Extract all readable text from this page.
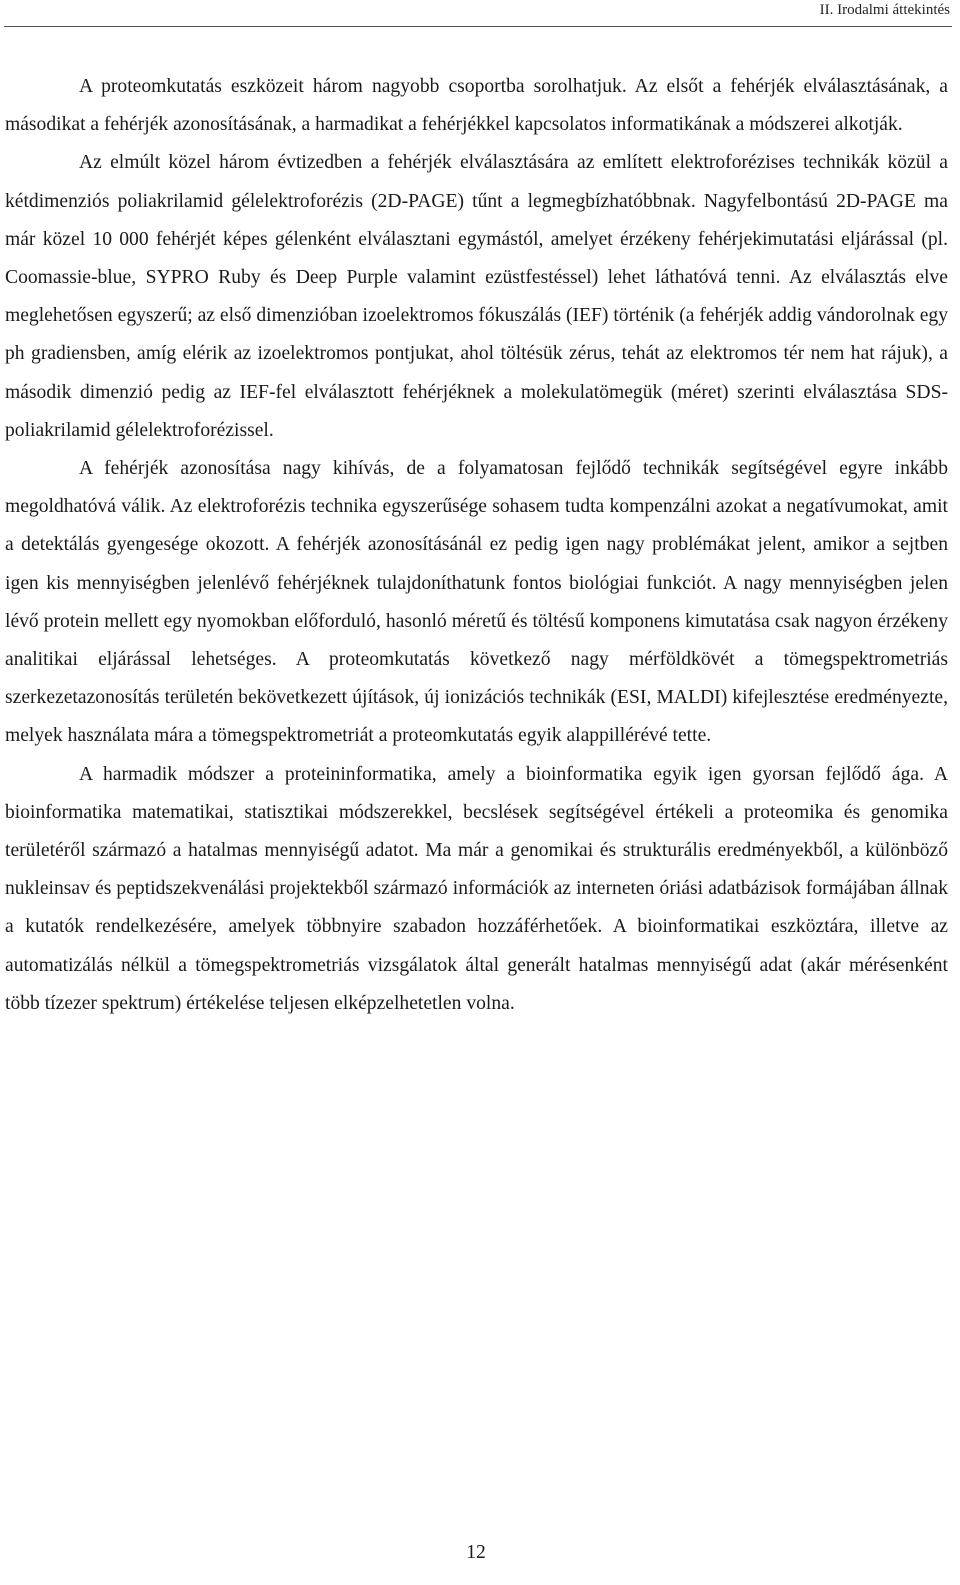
II. Irodalmi áttekintés

A proteomkutatás eszközeit három nagyobb csoportba sorolhatjuk. Az elsőt a fehérjék elválasztásának, a másodikat a fehérjék azonosításának, a harmadikat a fehérjékkel kapcsolatos informatikának a módszerei alkotják.

Az elmúlt közel három évtizedben a fehérjék elválasztására az említett elektroforézises technikák közül a kétdimenziós poliakrilamid gélelektroforézis (2D-PAGE) tűnt a legmegbízhatóbbnak. Nagyfelbontású 2D-PAGE ma már közel 10 000 fehérjét képes gélenként elválasztani egymástól, amelyet érzékeny fehérjekimutatási eljárással (pl. Coomassie-blue, SYPRO Ruby és Deep Purple valamint ezüstfestéssel) lehet láthatóvá tenni. Az elválasztás elve meglehetősen egyszerű; az első dimenzióban izoelektromos fókuszálás (IEF) történik (a fehérjék addig vándorolnak egy ph gradiensben, amíg elérik az izoelektromos pontjukat, ahol töltésük zérus, tehát az elektromos tér nem hat rájuk), a második dimenzió pedig az IEF-fel elválasztott fehérjéknek a molekulatömegük (méret) szerinti elválasztása SDS-poliakrilamid gélelektroforézissel.

A fehérjék azonosítása nagy kihívás, de a folyamatosan fejlődő technikák segítségével egyre inkább megoldhatóvá válik. Az elektroforézis technika egyszerűsége sohasem tudta kompenzálni azokat a negatívumokat, amit a detektálás gyengesége okozott. A fehérjék azonosításánál ez pedig igen nagy problémákat jelent, amikor a sejtben igen kis mennyiségben jelenlévő fehérjéknek tulajdoníthatunk fontos biológiai funkciót. A nagy mennyiségben jelen lévő protein mellett egy nyomokban előforduló, hasonló méretű és töltésű komponens kimutatása csak nagyon érzékeny analitikai eljárással lehetséges. A proteomkutatás következő nagy mérföldkövét a tömegspektrometriás szerkezetazonosítás területén bekövetkezett újítások, új ionizációs technikák (ESI, MALDI) kifejlesztése eredményezte, melyek használata mára a tömegspektrometriát a proteomkutatás egyik alappillérévé tette.

A harmadik módszer a proteininformatika, amely a bioinformatika egyik igen gyorsan fejlődő ága. A bioinformatika matematikai, statisztikai módszerekkel, becslések segítségével értékeli a proteomika és genomika területéről származó a hatalmas mennyiségű adatot. Ma már a genomikai és strukturális eredményekből, a különböző nukleinsav és peptidszekvenálási projektekből származó információk az interneten óriási adatbázisok formájában állnak a kutatók rendelkezésére, amelyek többnyire szabadon hozzáférhetőek. A bioinformatikai eszköztára, illetve az automatizálás nélkül a tömegspektrometriás vizsgálatok által generált hatalmas mennyiségű adat (akár mérésenként több tízezer spektrum) értékelése teljesen elképzelhetetlen volna.

12
